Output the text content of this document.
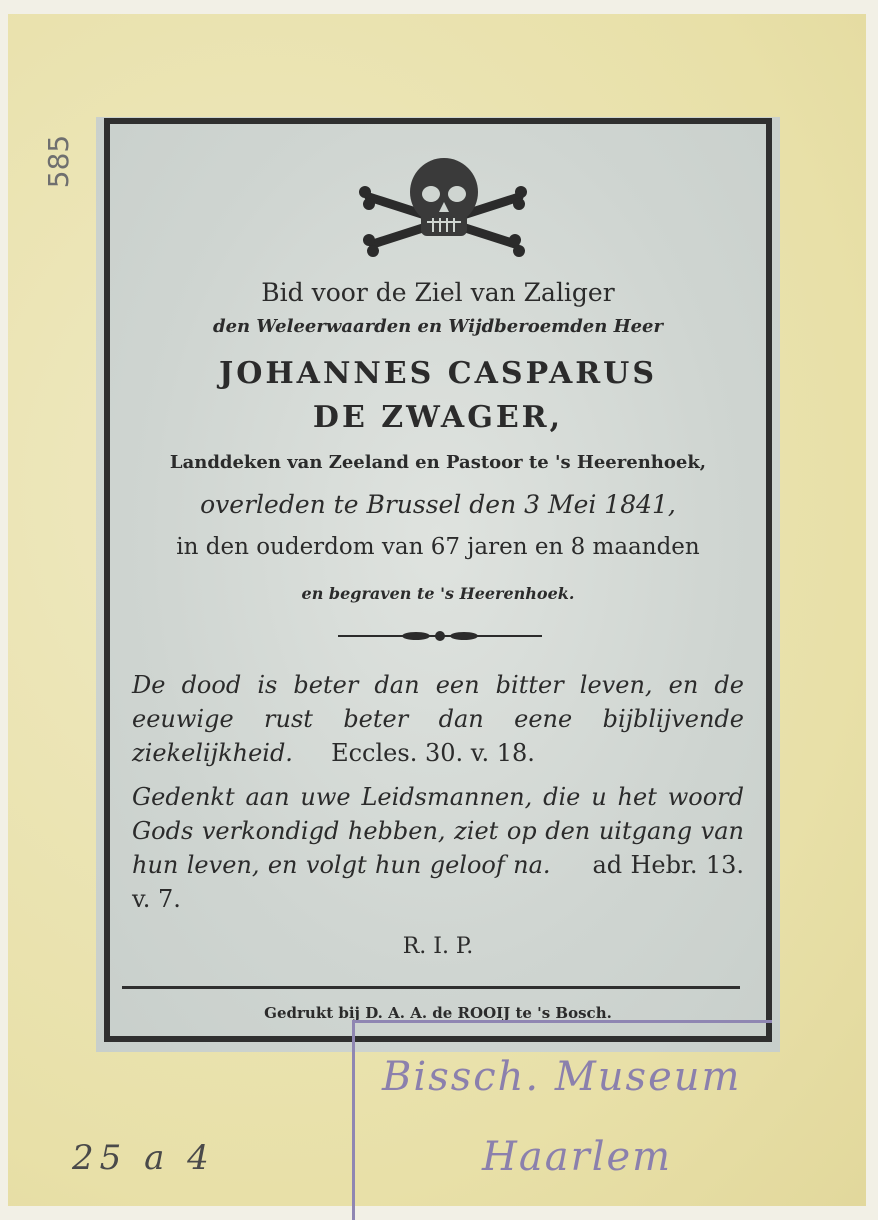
Bid voor de Ziel van Zaliger
den Weleerwaarden en Wijdberoemden Heer
JOHANNES CASPARUS
DE ZWAGER,
Landdeken van Zeeland en Pastoor te 's Heerenhoek,
overleden te Brussel den 3 Mei 1841,
in den ouderdom van 67 jaren en 8 maanden
en begraven te 's Heerenhoek.
De dood is beter dan een bitter leven, en de eeuwige rust beter dan eene bijblijvende ziekelijkheid. Eccles. 30. v. 18.
Gedenkt aan uwe Leidsmannen, die u het woord Gods verkondigd hebben, ziet op den uitgang van hun leven, en volgt hun geloof na. ad Hebr. 13. v. 7.
R. I. P.
Gedrukt bij D. A. A. de ROOIJ te 's Bosch.
Bissch. Museum
Haarlem
585
25 a 4
